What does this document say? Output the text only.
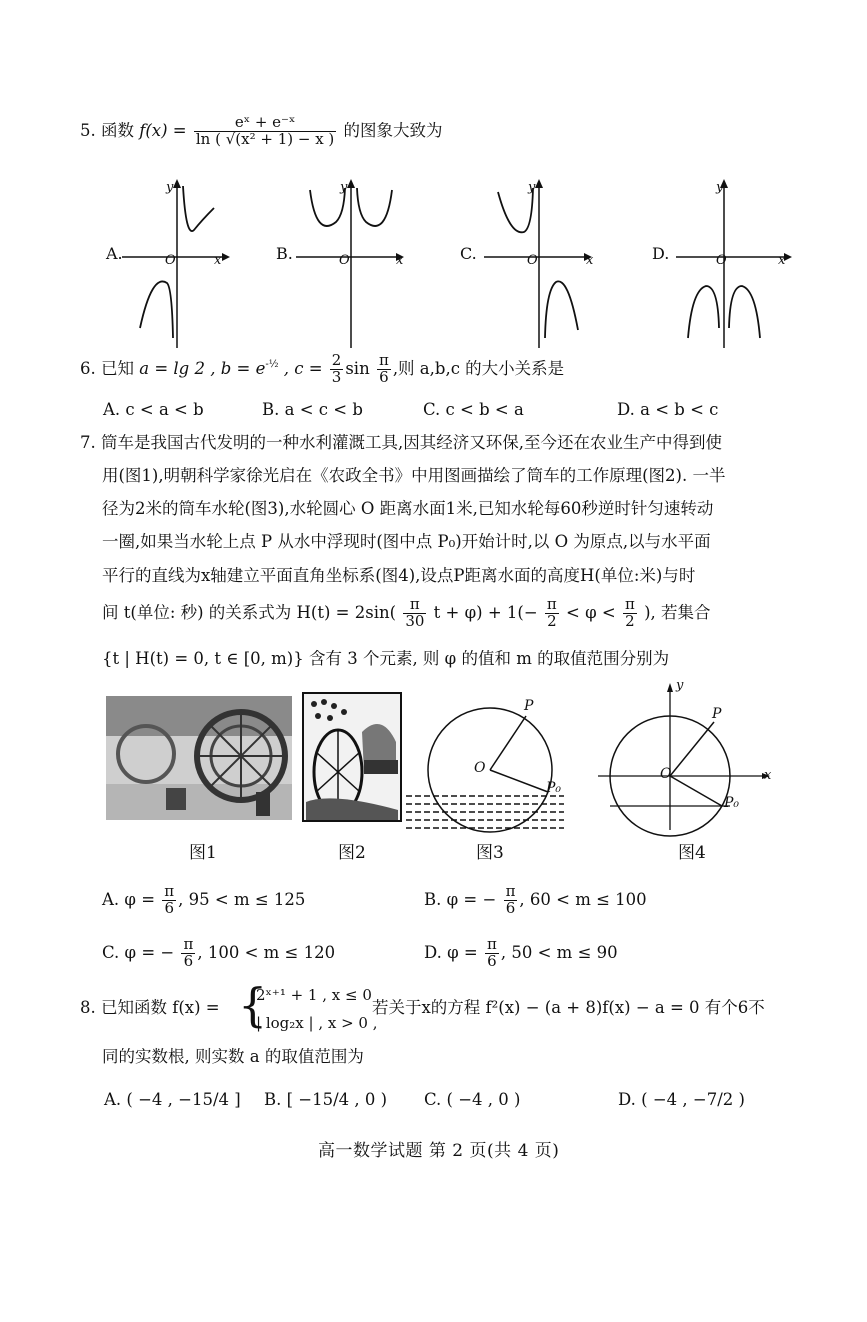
5. 函数 $f(x) = \frac{\text{eˣ + e⁻ˣ}}{\text{ln ( √(x² + 1) − x )}}$ 的图象大致为
A.
y
O	x	B.
y
O	x	C.
y
O	x	D.
y
O	x
6. 已知 a = lg 2 , $b = e^{-\frac{1}{2}}$ , $c = \frac{2}{3}$ $\sin \frac{\pi}{6}$ ,则 a,b,c 的大小关系是
A. c < a < b	B. a < c < b	C. c < b < a	D. a < b < c
7. 筒车是我国古代发明的一种水利灌溉工具,因其经济又环保,至今还在农业生产中得到使
用(图1),明朝科学家徐光启在《农政全书》中用图画描绘了筒车的工作原理(图2). 一半
径为2米的筒车水轮(图3),水轮圆心 O 距离水面1米,已知水轮每60秒逆时针匀速转动
一圈,如果当水轮上点 P 从水中浮现时(图中点 P₀)开始计时,以 O 为原点,以与水平面
平行的直线为x轴建立平面直角坐标系(图4),设点P距离水面的高度H(单位:米)与时
间 t(单位: 秒) 的关系式为 $H(t) = 2\sin( \frac{\pi}{30}$ $t + \varphi) + 1(- \frac{\pi}{2} < \varphi < \frac{\pi}{2}$ ), 若集合
{t | H(t) = 0, t ∈ [0, m)} 含有 3 个元素, 则 φ 的值和 m 的取值范围分别为
图1	图2
P
O
P₀
图3
y
P
O	x
P₀
图4
A. $\varphi = \frac{\pi}{6}$ , 95 < m ≤ 125	B. φ = − $\frac{\pi}{6}$ , 60 < m ≤ 100
C. φ = − $\frac{\pi}{6}$ , 100 < m ≤ 120	D. $\varphi = \frac{\pi}{6}$ , 50 < m ≤ 90
8. 已知函数 f(x) = {
2ˣ⁺¹ + 1 , x ≤ 0
| log₂x | , x > 0 ,
若关于x的方程 f²(x) − (a + 8)f(x) − a = 0 有个6不
同的实数根, 则实数 a 的取值范围为
A. ( −4 , −15/4 ] B. [ −15/4 , 0 ) C. ( −4 , 0 )	D. ( −4 , −7/2 )
高一数学试题 第 2 页(共 4 页)
